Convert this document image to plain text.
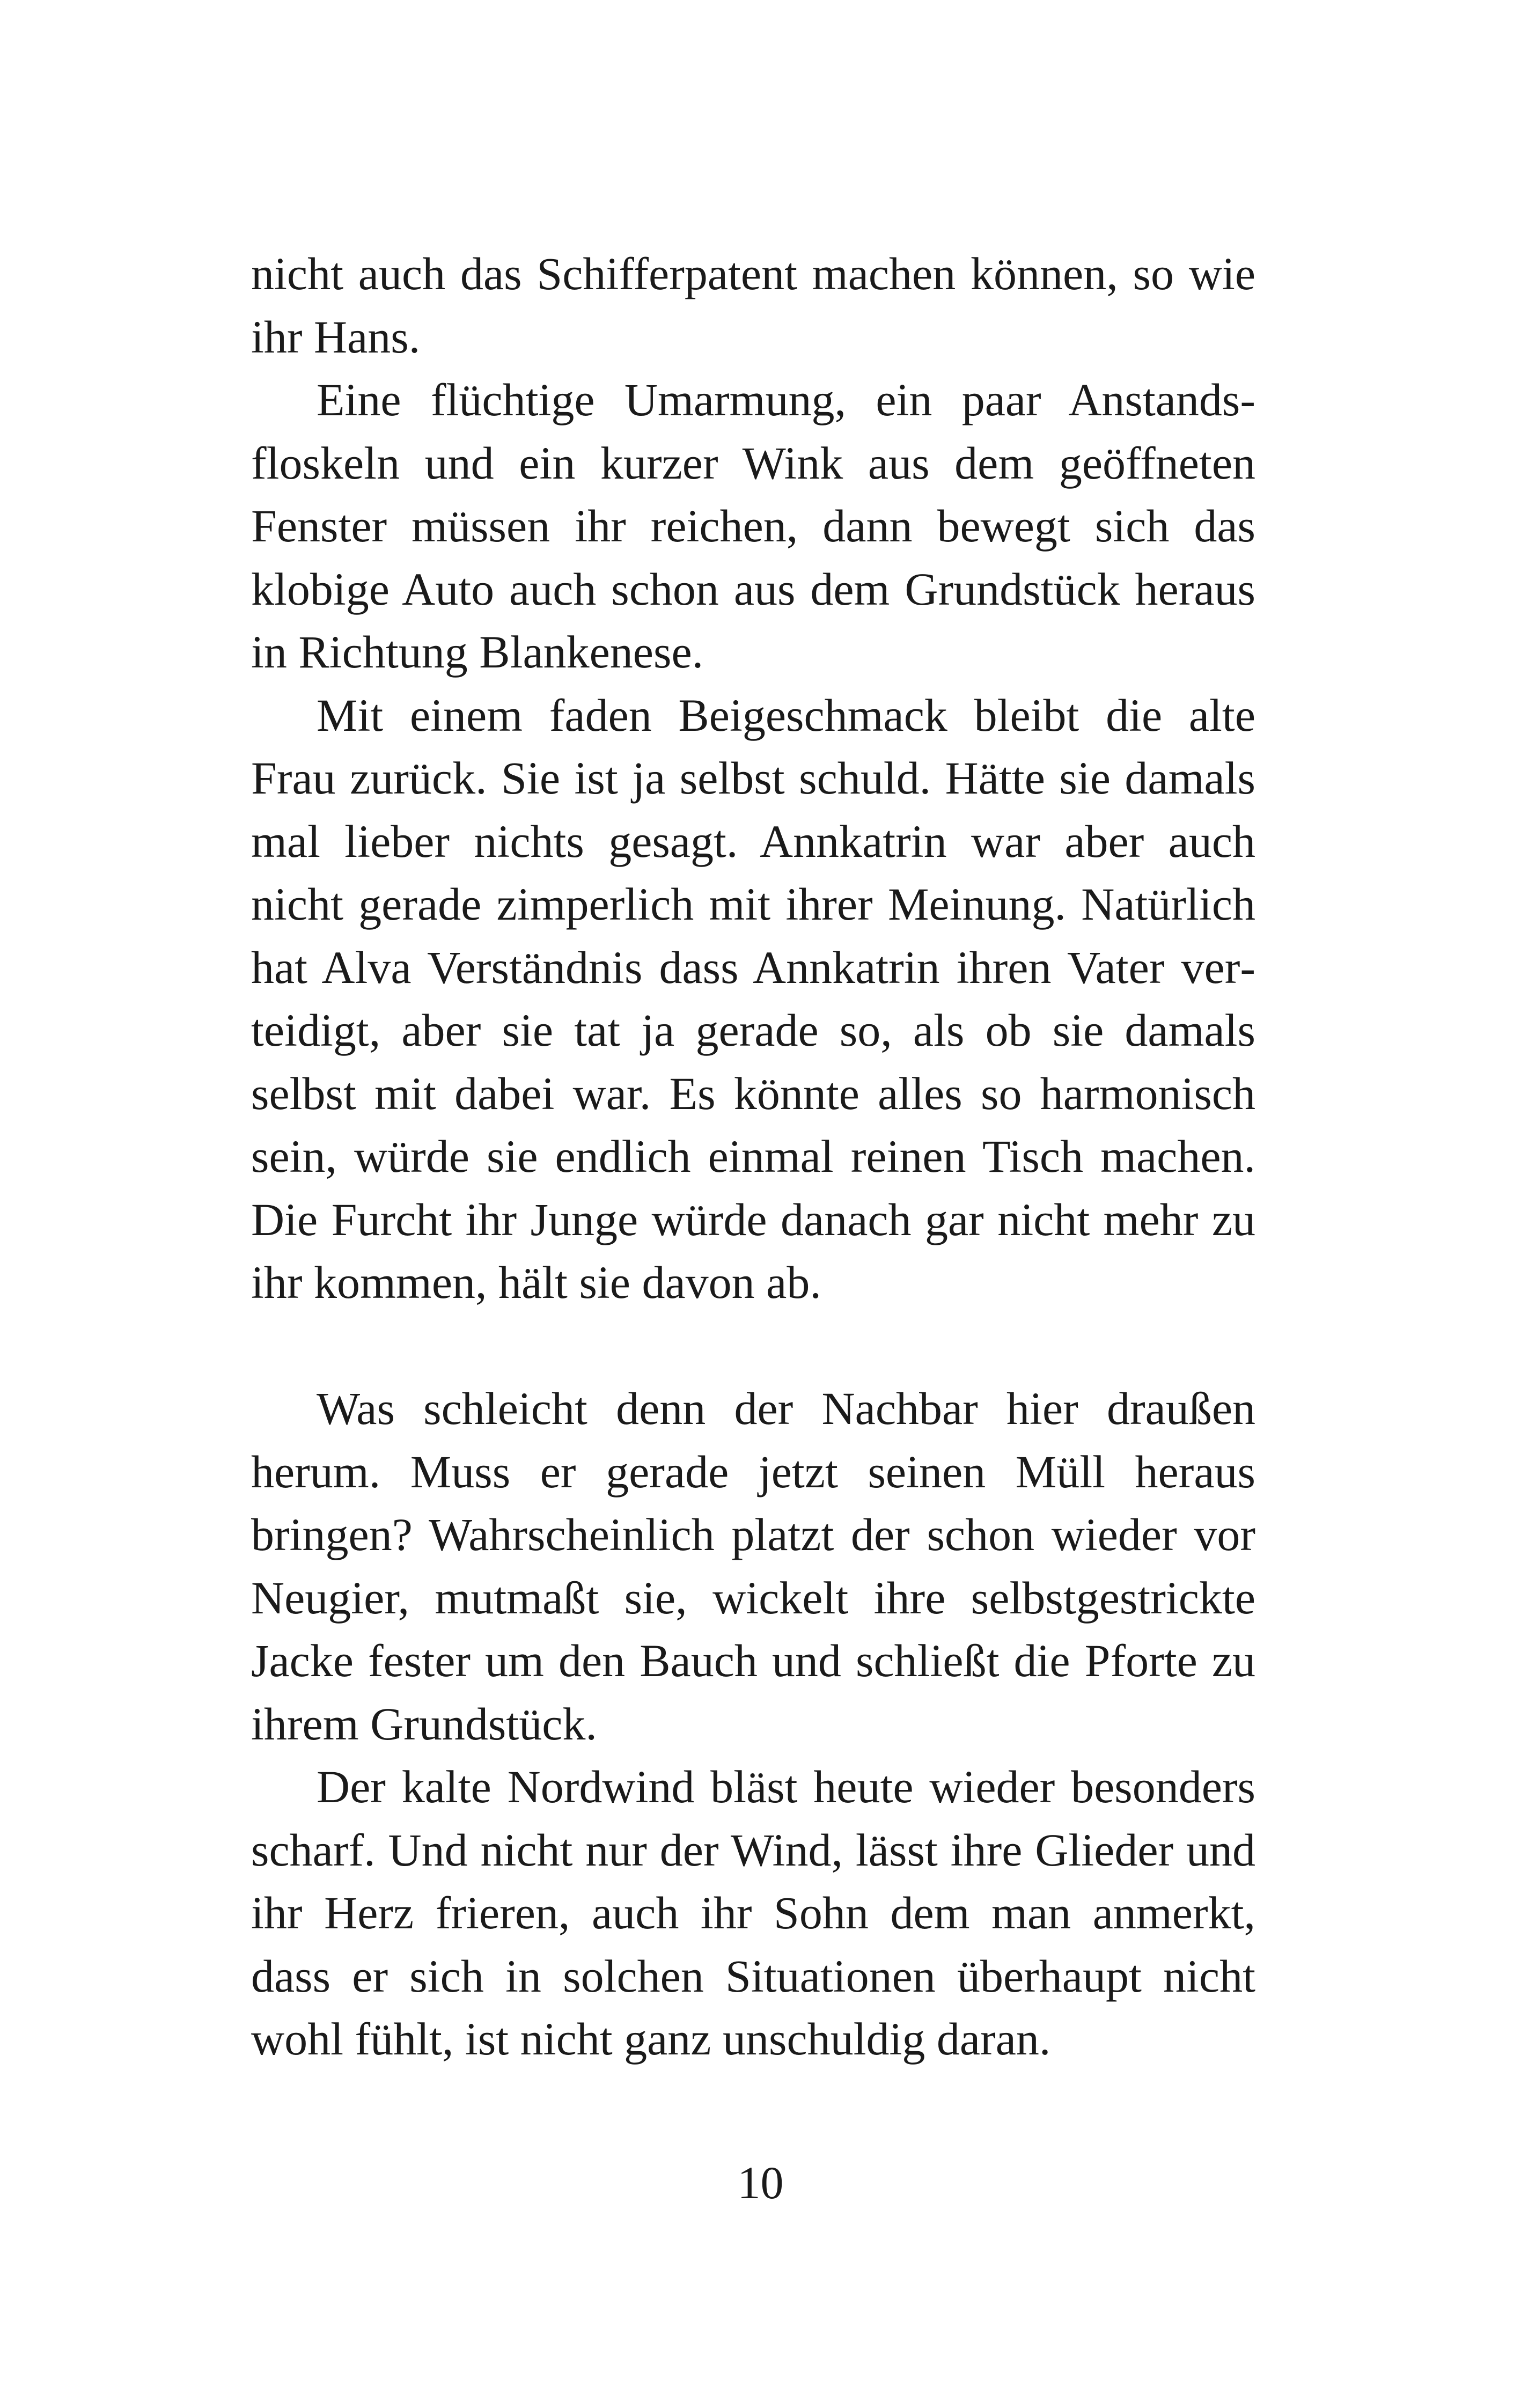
nicht auch das Schifferpatent machen können, so wie ihr Hans.

Eine flüchtige Umarmung, ein paar Anstandsfloskeln und ein kurzer Wink aus dem geöffneten Fenster müssen ihr reichen, dann bewegt sich das klobige Auto auch schon aus dem Grundstück heraus in Richtung Blankenese.

Mit einem faden Beigeschmack bleibt die alte Frau zurück. Sie ist ja selbst schuld. Hätte sie damals mal lieber nichts gesagt. Annkatrin war aber auch nicht gerade zimperlich mit ihrer Meinung. Natürlich hat Alva Verständnis dass Annkatrin ihren Vater verteidigt, aber sie tat ja gerade so, als ob sie damals selbst mit dabei war. Es könnte alles so harmonisch sein, würde sie endlich einmal reinen Tisch machen. Die Furcht ihr Junge würde danach gar nicht mehr zu ihr kommen, hält sie davon ab.

Was schleicht denn der Nachbar hier draußen herum. Muss er gerade jetzt seinen Müll heraus bringen? Wahrscheinlich platzt der schon wieder vor Neugier, mutmaßt sie, wickelt ihre selbstgestrickte Jacke fester um den Bauch und schließt die Pforte zu ihrem Grundstück.

Der kalte Nordwind bläst heute wieder besonders scharf. Und nicht nur der Wind, lässt ihre Glieder und ihr Herz frieren, auch ihr Sohn dem man anmerkt, dass er sich in solchen Situationen überhaupt nicht wohl fühlt, ist nicht ganz unschuldig daran.

10
